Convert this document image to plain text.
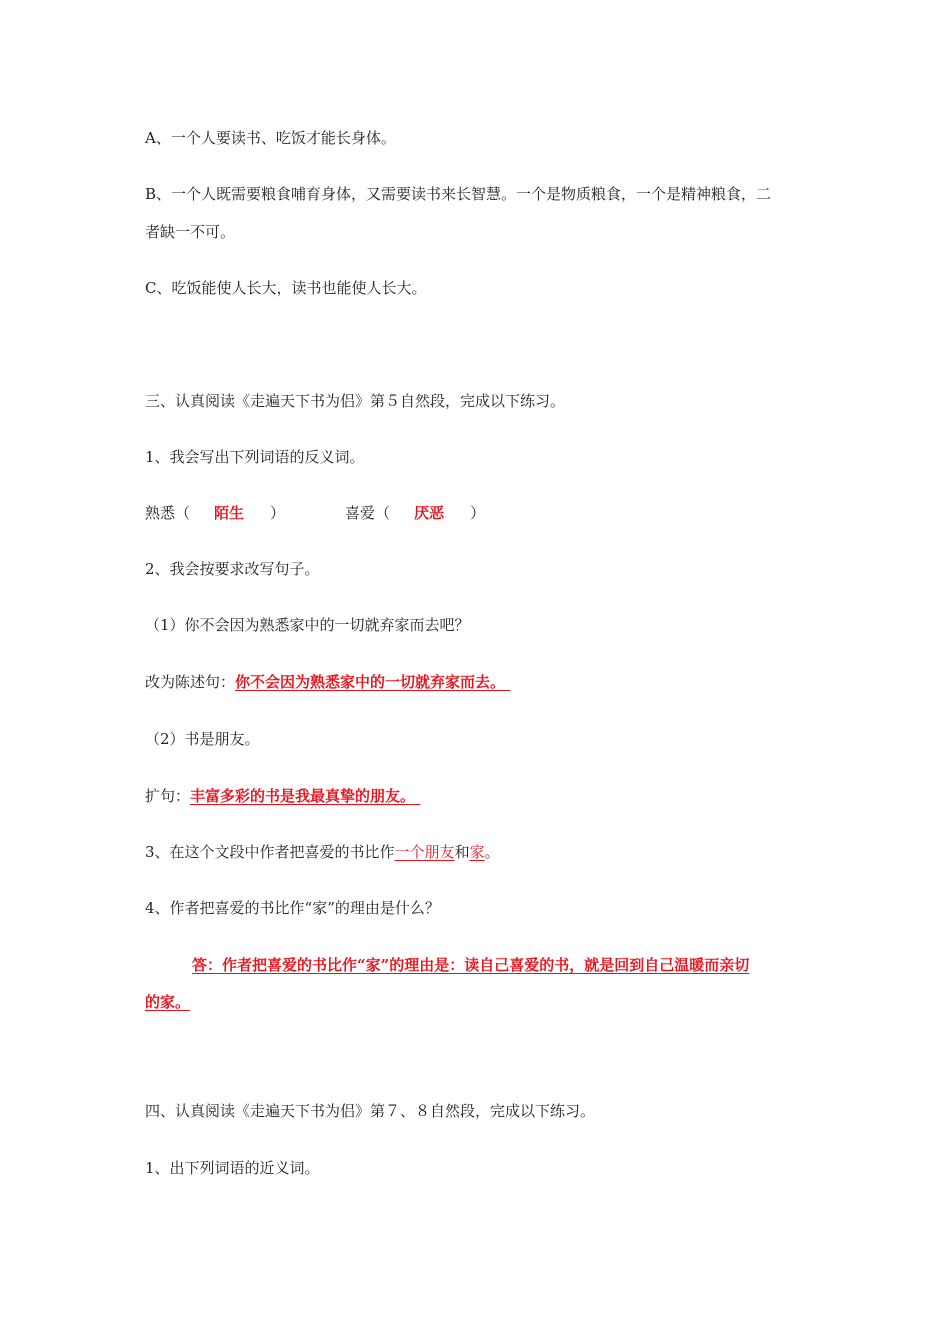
A、一个人要读书、吃饭才能长身体。
B、一个人既需要粮食哺育身体，又需要读书来长智慧。一个是物质粮食，一个是精神粮食，二
者缺一不可。
C、吃饭能使人长大，读书也能使人长大。
三、认真阅读《走遍天下书为侣》第５自然段，完成以下练习。
1、我会写出下列词语的反义词。
熟悉（ 陌生 ）	喜爱（ 厌恶 ）
2、我会按要求改写句子。
（1）你不会因为熟悉家中的一切就弃家而去吧？
改为陈述句：你不会因为熟悉家中的一切就弃家而去。
（2）书是朋友。
扩句：丰富多彩的书是我最真挚的朋友。
3、在这个文段中作者把喜爱的书比作一个朋友和家。
4、作者把喜爱的书比作“家”的理由是什么？
答：作者把喜爱的书比作“家”的理由是：读自己喜爱的书，就是回到自己温暖而亲切
的家。
四、认真阅读《走遍天下书为侣》第７、８自然段，完成以下练习。
1、出下列词语的近义词。
